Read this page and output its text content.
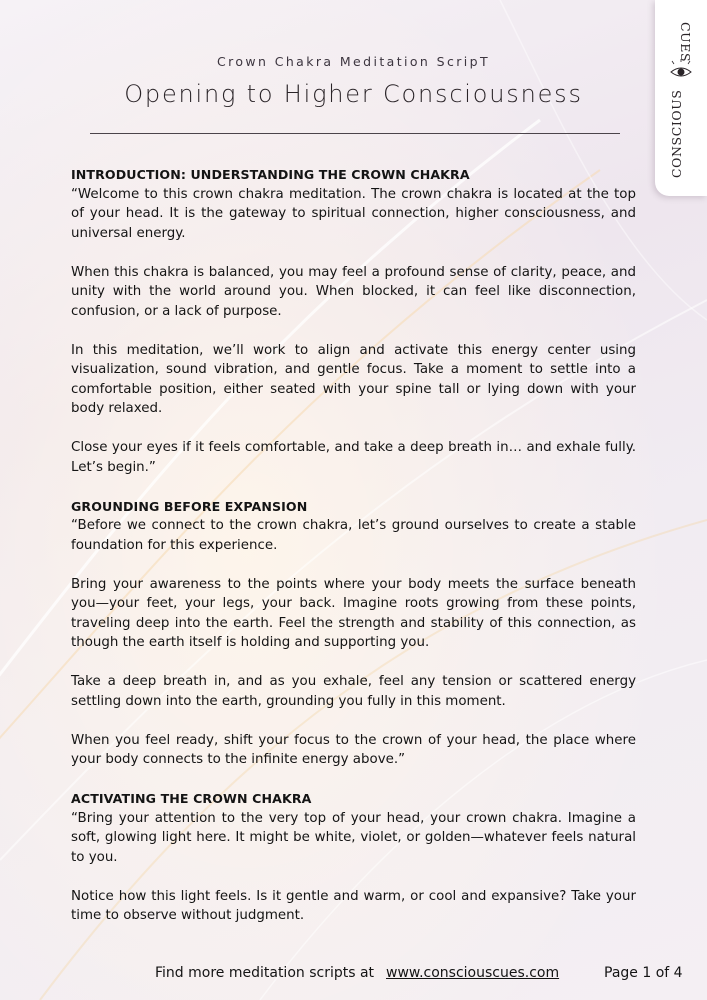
CONSCIOUS
CUES
Crown Chakra Meditation ScripT
Opening to Higher Consciousness
INTRODUCTION: UNDERSTANDING THE CROWN CHAKRA

“Welcome to this crown chakra meditation. The crown chakra is located at the top of your head. It is the gateway to spiritual connection, higher consciousness, and universal energy.

When this chakra is balanced, you may feel a profound sense of clarity, peace, and unity with the world around you. When blocked, it can feel like disconnection, confusion, or a lack of purpose.

In this meditation, we’ll work to align and activate this energy center using visualization, sound vibration, and gentle focus. Take a moment to settle into a comfortable position, either seated with your spine tall or lying down with your body relaxed.

Close your eyes if it feels comfortable, and take a deep breath in… and exhale fully. Let’s begin.”

GROUNDING BEFORE EXPANSION

“Before we connect to the crown chakra, let’s ground ourselves to create a stable foundation for this experience.

Bring your awareness to the points where your body meets the surface beneath you—your feet, your legs, your back. Imagine roots growing from these points, traveling deep into the earth. Feel the strength and stability of this connection, as though the earth itself is holding and supporting you.

Take a deep breath in, and as you exhale, feel any tension or scattered energy settling down into the earth, grounding you fully in this moment.

When you feel ready, shift your focus to the crown of your head, the place where your body connects to the infinite energy above.”

ACTIVATING THE CROWN CHAKRA

“Bring your attention to the very top of your head, your crown chakra. Imagine a soft, glowing light here. It might be white, violet, or golden—whatever feels natural to you.

Notice how this light feels. Is it gentle and warm, or cool and expansive? Take your time to observe without judgment.

Find more meditation scripts at www.consciouscues.com	Page 1 of 4
